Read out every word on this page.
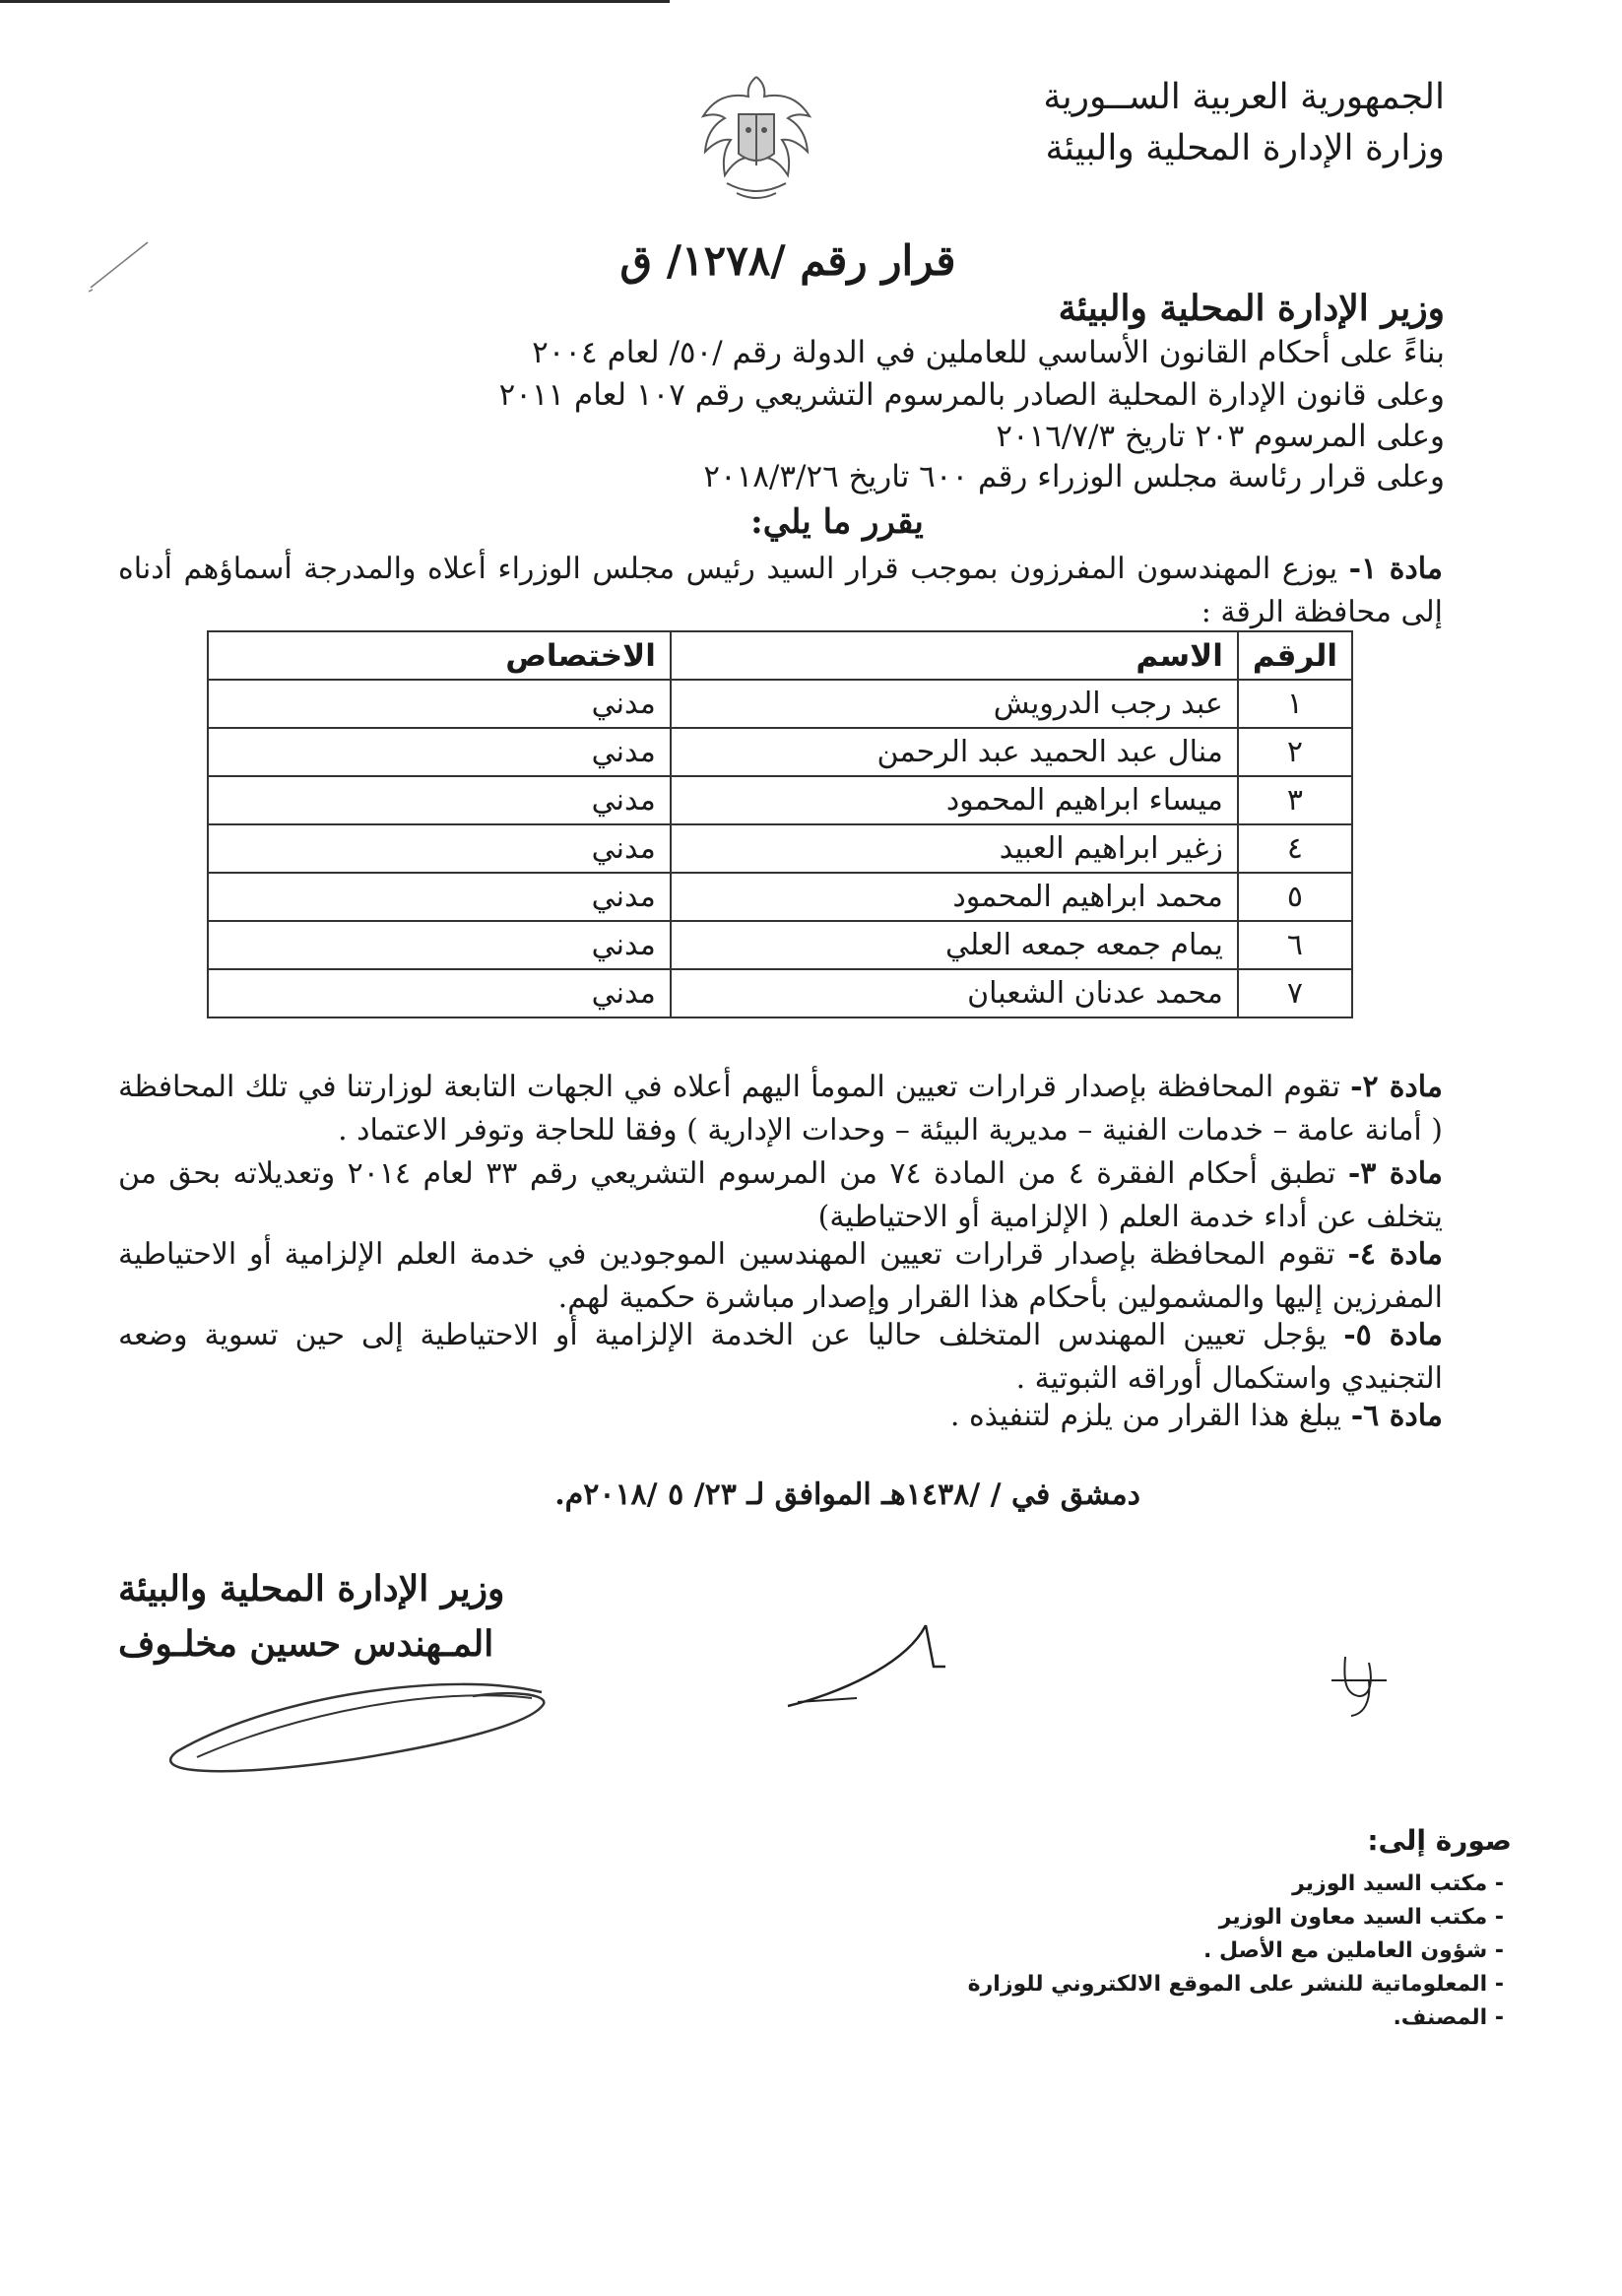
الجمهورية العربية الســورية
وزارة الإدارة المحلية والبيئة
قرار رقم /١٢٧٨/ ق
وزير الإدارة المحلية والبيئة
بناءً على أحكام القانون الأساسي للعاملين في الدولة رقم /٥٠/ لعام ٢٠٠٤
وعلى قانون الإدارة المحلية الصادر بالمرسوم التشريعي رقم ١٠٧ لعام ٢٠١١
وعلى المرسوم ٢٠٣ تاريخ ٢٠١٦/٧/٣
وعلى قرار رئاسة مجلس الوزراء رقم ٦٠٠ تاريخ ٢٠١٨/٣/٢٦
يقرر ما يلي:
مادة ١- يوزع المهندسون المفرزون بموجب قرار السيد رئيس مجلس الوزراء أعلاه والمدرجة أسماؤهم أدناه إلى محافظة الرقة :
الرقم	الاسم	الاختصاص
١	عبد رجب الدرويش	مدني
٢	منال عبد الحميد عبد الرحمن	مدني
٣	ميساء ابراهيم المحمود	مدني
٤	زغير ابراهيم العبيد	مدني
٥	محمد ابراهيم المحمود	مدني
٦	يمام جمعه جمعه العلي	مدني
٧	محمد عدنان الشعبان	مدني
مادة ٢- تقوم المحافظة بإصدار قرارات تعيين المومأ اليهم أعلاه في الجهات التابعة لوزارتنا في تلك المحافظة ( أمانة عامة – خدمات الفنية – مديرية البيئة – وحدات الإدارية ) وفقا للحاجة وتوفر الاعتماد .
مادة ٣- تطبق أحكام الفقرة ٤ من المادة ٧٤ من المرسوم التشريعي رقم ٣٣ لعام ٢٠١٤ وتعديلاته بحق من يتخلف عن أداء خدمة العلم ( الإلزامية أو الاحتياطية)
مادة ٤- تقوم المحافظة بإصدار قرارات تعيين المهندسين الموجودين في خدمة العلم الإلزامية أو الاحتياطية المفرزين إليها والمشمولين بأحكام هذا القرار وإصدار مباشرة حكمية لهم.
مادة ٥- يؤجل تعيين المهندس المتخلف حاليا عن الخدمة الإلزامية أو الاحتياطية إلى حين تسوية وضعه التجنيدي واستكمال أوراقه الثبوتية .
مادة ٦- يبلغ هذا القرار من يلزم لتنفيذه .
دمشق في / /١٤٣٨هـ الموافق لـ ٢٣/ ٥ /٢٠١٨م.
وزير الإدارة المحلية والبيئة
المـهندس حسين مخلـوف
صورة إلى:
- مكتب السيد الوزير
- مكتب السيد معاون الوزير
- شؤون العاملين مع الأصل .
- المعلوماتية للنشر على الموقع الالكتروني للوزارة
- المصنف.
